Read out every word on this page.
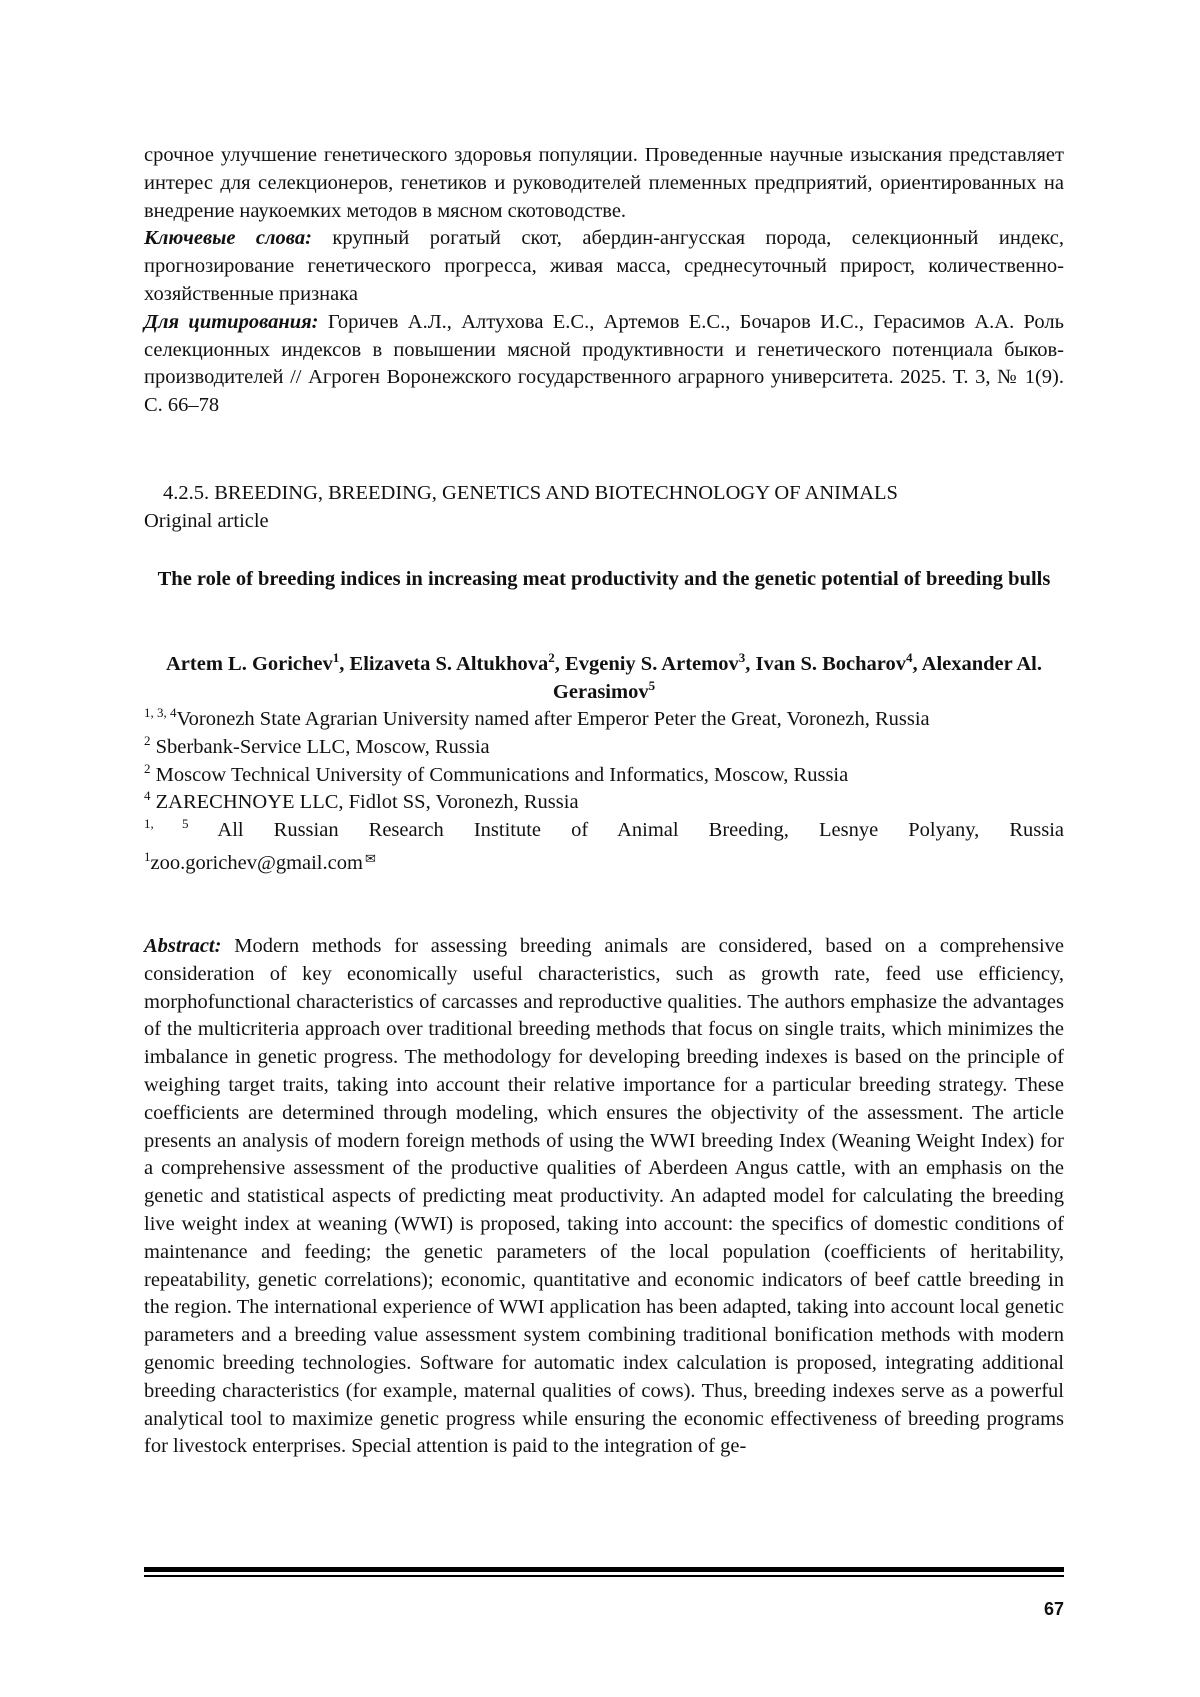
срочное улучшение генетического здоровья популяции. Проведенные научные изыскания представляет интерес для селекционеров, генетиков и руководителей племенных предприятий, ориентированных на внедрение наукоемких методов в мясном скотоводстве.

Ключевые слова: крупный рогатый скот, абердин-ангусская порода, селекционный индекс, прогнозирование генетического прогресса, живая масса, среднесуточный прирост, количественно-хозяйственные признака

Для цитирования: Горичев А.Л., Алтухова Е.С., Артемов Е.С., Бочаров И.С., Герасимов А.А. Роль селекционных индексов в повышении мясной продуктивности и генетического потенциала быков-производителей // Агроген Воронежского государственного аграрного университета. 2025. Т. 3, № 1(9). С. 66–78

4.2.5. BREEDING, BREEDING, GENETICS AND BIOTECHNOLOGY OF ANIMALS

Original article

The role of breeding indices in increasing meat productivity and the genetic potential of breeding bulls

Artem L. Gorichev$^1$, Elizaveta S. Altukhova$^2$, Evgeniy S. Artemov$^3$, Ivan S. Bocharov$^4$, Alexander Al. Gerasimov$^5$

$^{1, 3, 4}$Voronezh State Agrarian University named after Emperor Peter the Great, Voronezh, Russia

$^2$ Sberbank-Service LLC, Moscow, Russia

$^2$ Moscow Technical University of Communications and Informatics, Moscow, Russia

$^4$ ZARECHNOYE LLC, Fidlot SS, Voronezh, Russia

$^{1, 5}$ All Russian Research Institute of Animal Breeding, Lesnye Polyany, Russia

$^1$zoo.gorichev@gmail.com ✉

Abstract: Modern methods for assessing breeding animals are considered, based on a comprehensive consideration of key economically useful characteristics, such as growth rate, feed use efficiency, morphofunctional characteristics of carcasses and reproductive qualities. The authors emphasize the advantages of the multicriteria approach over traditional breeding methods that focus on single traits, which minimizes the imbalance in genetic progress. The methodology for developing breeding indexes is based on the principle of weighing target traits, taking into account their relative importance for a particular breeding strategy. These coefficients are determined through modeling, which ensures the objectivity of the assessment. The article presents an analysis of modern foreign methods of using the WWI breeding Index (Weaning Weight Index) for a comprehensive assessment of the productive qualities of Aberdeen Angus cattle, with an emphasis on the genetic and statistical aspects of predicting meat productivity. An adapted model for calculating the breeding live weight index at weaning (WWI) is proposed, taking into account: the specifics of domestic conditions of maintenance and feeding; the genetic parameters of the local population (coefficients of heritability, repeatability, genetic correlations); economic, quantitative and economic indicators of beef cattle breeding in the region. The international experience of WWI application has been adapted, taking into account local genetic parameters and a breeding value assessment system combining traditional bonification methods with modern genomic breeding technologies. Software for automatic index calculation is proposed, integrating additional breeding characteristics (for example, maternal qualities of cows). Thus, breeding indexes serve as a powerful analytical tool to maximize genetic progress while ensuring the economic effectiveness of breeding programs for livestock enterprises. Special attention is paid to the integration of ge-

67
